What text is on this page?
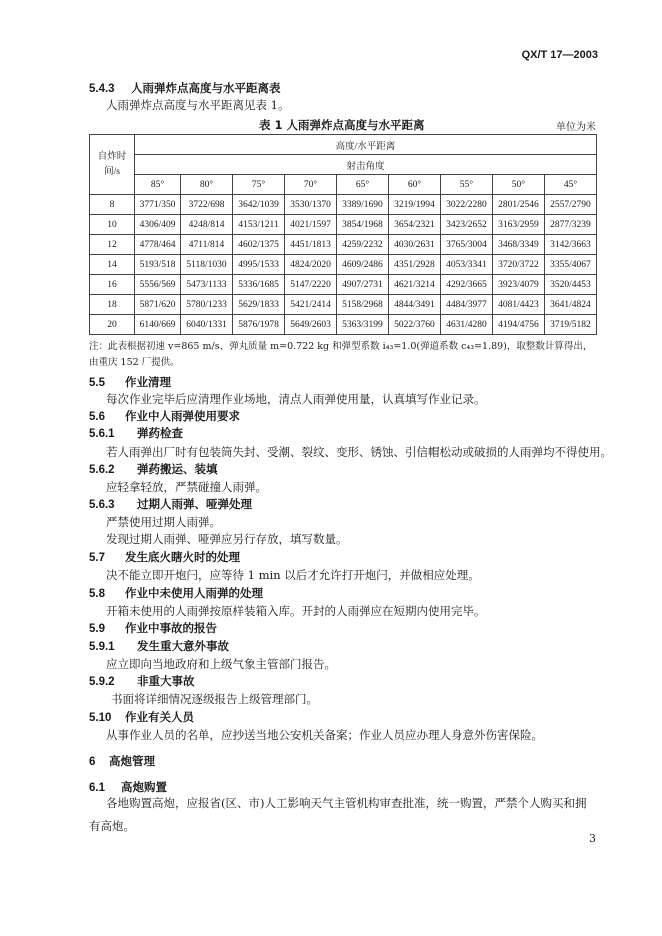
QX/T 17—2003
5.4.3 人雨弹炸点高度与水平距离表
人雨弹炸点高度与水平距离见表 1。
表 1 人雨弹炸点高度与水平距离	单位为米
自炸时间/s	高度/水平距离								
	射击角度								
	85°	80°	75°	70°	65°	60°	55°	50°	45°
8	3771/350	3722/698	3642/1039	3530/1370	3389/1690	3219/1994	3022/2280	2801/2546	2557/2790
10	4306/409	4248/814	4153/1211	4021/1597	3854/1968	3654/2321	3423/2652	3163/2959	2877/3239
12	4778/464	4711/814	4602/1375	4451/1813	4259/2232	4030/2631	3765/3004	3468/3349	3142/3663
14	5193/518	5118/1030	4995/1533	4824/2020	4609/2486	4351/2928	4053/3341	3720/3722	3355/4067
16	5556/569	5473/1133	5336/1685	5147/2220	4907/2731	4621/3214	4292/3665	3923/4079	3520/4453
18	5871/620	5780/1233	5629/1833	5421/2414	5158/2968	4844/3491	4484/3977	4081/4423	3641/4824
20	6140/669	6040/1331	5876/1978	5649/2603	5363/3199	5022/3760	4631/4280	4194/4756	3719/5182
注：此表根据初速 v=865 m/s、弹丸质量 m=0.722 kg 和弹型系数 i₄₃=1.0(弹道系数 c₄₃=1.89)，取整数计算得出，由重庆 152 厂提供。
5.5 作业清理
每次作业完毕后应清理作业场地，清点人雨弹使用量，认真填写作业记录。
5.6 作业中人雨弹使用要求
5.6.1 弹药检查
若人雨弹出厂时有包装筒失封、受潮、裂纹、变形、锈蚀、引信帽松动或破损的人雨弹均不得使用。
5.6.2 弹药搬运、装填
应轻拿轻放，严禁碰撞人雨弹。
5.6.3 过期人雨弹、哑弹处理
严禁使用过期人雨弹。
发现过期人雨弹、哑弹应另行存放，填写数量。
5.7 发生底火瞎火时的处理
决不能立即开炮闩，应等待 1 min 以后才允许打开炮闩，并做相应处理。
5.8 作业中未使用人雨弹的处理
开箱未使用的人雨弹按原样装箱入库。开封的人雨弹应在短期内使用完毕。
5.9 作业中事故的报告
5.9.1 发生重大意外事故
应立即向当地政府和上级气象主管部门报告。
5.9.2 非重大事故
书面将详细情况逐级报告上级管理部门。
5.10 作业有关人员
从事作业人员的名单，应抄送当地公安机关备案；作业人员应办理人身意外伤害保险。
6 高炮管理
6.1 高炮购置
各地购置高炮，应报省(区、市)人工影响天气主管机构审查批准，统一购置，严禁个人购买和拥有高炮。
3
